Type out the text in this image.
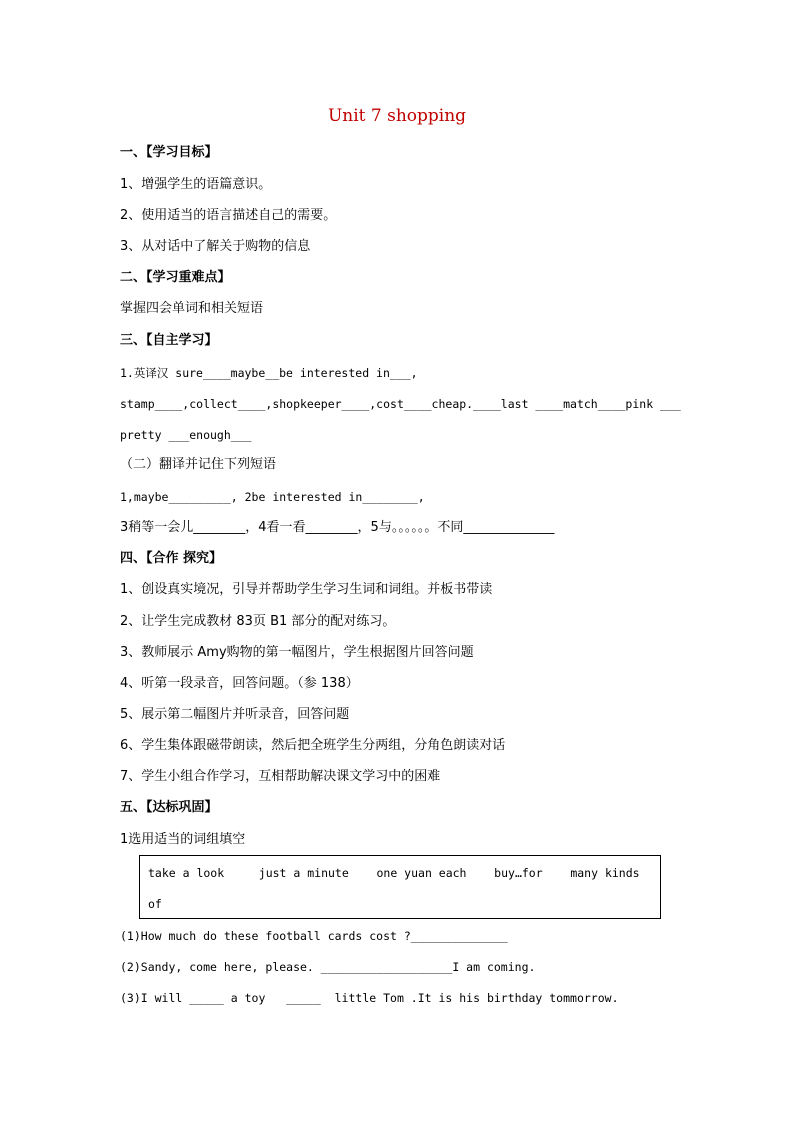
Unit 7 shopping
一、【学习目标】
1、增强学生的语篇意识。
2、使用适当的语言描述自己的需要。
3、从对话中了解关于购物的信息
二、【学习重难点】
掌握四会单词和相关短语
三、【自主学习】
1.英译汉 sure____maybe__be interested in___,
stamp____,collect____,shopkeeper____,cost____cheap.____last ____match____pink ___
pretty ___enough___
（二）翻译并记住下列短语
1,maybe_________, 2be interested in________,
3稍等一会儿________，4看一看________，5与。。。。。。不同______________
四、【合作 探究】
1、创设真实境况，引导并帮助学生学习生词和词组。并板书带读
2、让学生完成教材 83页 B1 部分的配对练习。
3、教师展示 Amy购物的第一幅图片，学生根据图片回答问题
4、听第一段录音，回答问题。（参 138）
5、展示第二幅图片并听录音，回答问题
6、学生集体跟磁带朗读，然后把全班学生分两组，分角色朗读对话
7、学生小组合作学习，互相帮助解决课文学习中的困难
五、【达标巩固】
1选用适当的词组填空
take a look     just a minute    one yuan each    buy…for    many kinds
of
(1)How much do these football cards cost ?______________
(2)Sandy, come here, please. ___________________I am coming.
(3)I will _____ a toy   _____  little Tom .It is his birthday tommorrow.
